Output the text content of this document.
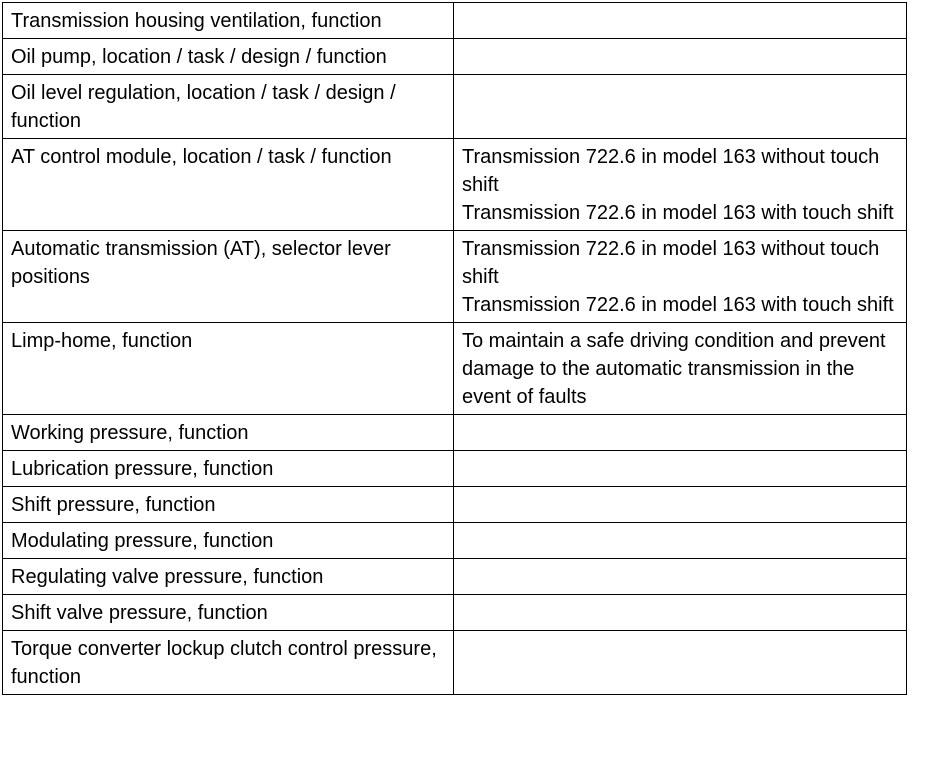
Transmission housing ventilation, function	
Oil pump, location / task / design / function	
Oil level regulation, location / task / design / function	
AT control module, location / task / function	Transmission 722.6 in model 163 without touch shift
Transmission 722.6 in model 163 with touch shift

Automatic transmission (AT), selector lever positions	Transmission 722.6 in model 163 without touch shift
Transmission 722.6 in model 163 with touch shift

Limp-home, function	To maintain a safe driving condition and prevent damage to the automatic transmission in the event of faults

Working pressure, function	
Lubrication pressure, function	
Shift pressure, function	
Modulating pressure, function	
Regulating valve pressure, function	
Shift valve pressure, function	
Torque converter lockup clutch control pressure, function	
